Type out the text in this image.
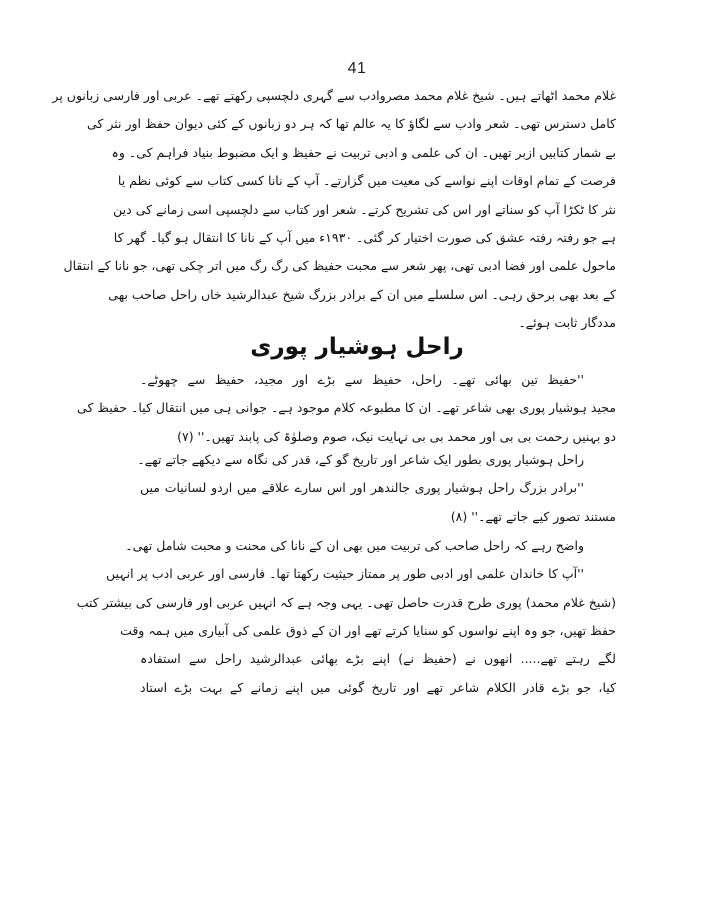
41
غلام محمد اٹھاتے ہیں۔ شیخ غلام محمد مصروادب سے گہری دلچسپی رکھتے تھے۔ عربی اور فارسی زبانوں پر
کامل دسترس تھی۔ شعر وادب سے لگاؤ کا یہ عالم تھا کہ ہر دو زبانوں کے کئی دیوان حفظ اور نثر کی
بے شمار کتابیں ازبر تھیں۔ ان کی علمی و ادبی تربیت نے حفیظ و ایک مضبوط بنیاد فراہم کی۔ وہ
فرصت کے تمام اوقات اپنے نواسے کی معیت میں گزارتے۔ آپ کے نانا کسی کتاب سے کوئی نظم یا
نثر کا ٹکڑا آپ کو سناتے اور اس کی تشریح کرتے۔ شعر اور کتاب سے دلچسپی اسی زمانے کی دین
ہے جو رفتہ رفتہ عشق کی صورت اختیار کر گئی۔ ۱۹۳۰ء میں آپ کے نانا کا انتقال ہو گیا۔ گھر کا
ماحول علمی اور فضا ادبی تھی، پھر شعر سے محبت حفیظ کی رگ رگ میں اتر چکی تھی، جو نانا کے انتقال
کے بعد بھی برحق رہی۔ اس سلسلے میں ان کے برادر بزرگ شیخ عبدالرشید خاں راحل صاحب بھی
مددگار ثابت ہوئے۔
راحل ہوشیار پوری
''حفیظ تین بھائی تھے۔ راحل، حفیظ سے بڑے اور مجید، حفیظ سے چھوٹے۔
مجید ہوشیار پوری بھی شاعر تھے۔ ان کا مطبوعہ کلام موجود ہے۔ جوانی ہی میں انتقال کیا۔ حفیظ کی
دو بہنیں رحمت بی بی اور محمد بی بی نہایت نیک، صوم وصلوٰۃ کی پابند تھیں۔'' (۷)
راحل ہوشیار پوری بطور ایک شاعر اور تاریخ گو کے، قدر کی نگاہ سے دیکھے جاتے تھے۔
''برادر بزرگ راحل ہوشیار پوری جالندھر اور اس سارے علاقے میں اردو لسانیات میں
مستند تصور کیے جاتے تھے۔'' (۸)
واضح رہے کہ راحل صاحب کی تربیت میں بھی ان کے نانا کی محنت و محبت شامل تھی۔
''آپ کا خاندان علمی اور ادبی طور پر ممتاز حیثیت رکھتا تھا۔ فارسی اور عربی ادب پر انہیں
(شیخ غلام محمد) پوری طرح قدرت حاصل تھی۔ یہی وجہ ہے کہ انہیں عربی اور فارسی کی بیشتر کتب
حفظ تھیں، جو وہ اپنے نواسوں کو سنایا کرتے تھے اور ان کے ذوق علمی کی آبیاری میں ہمہ وقت
لگے رہتے تھے..... انھوں نے (حفیظ نے) اپنے بڑے بھائی عبدالرشید راحل سے استفادہ
کیا، جو بڑے قادر الکلام شاعر تھے اور تاریخ گوئی میں اپنے زمانے کے بہت بڑے استاد
